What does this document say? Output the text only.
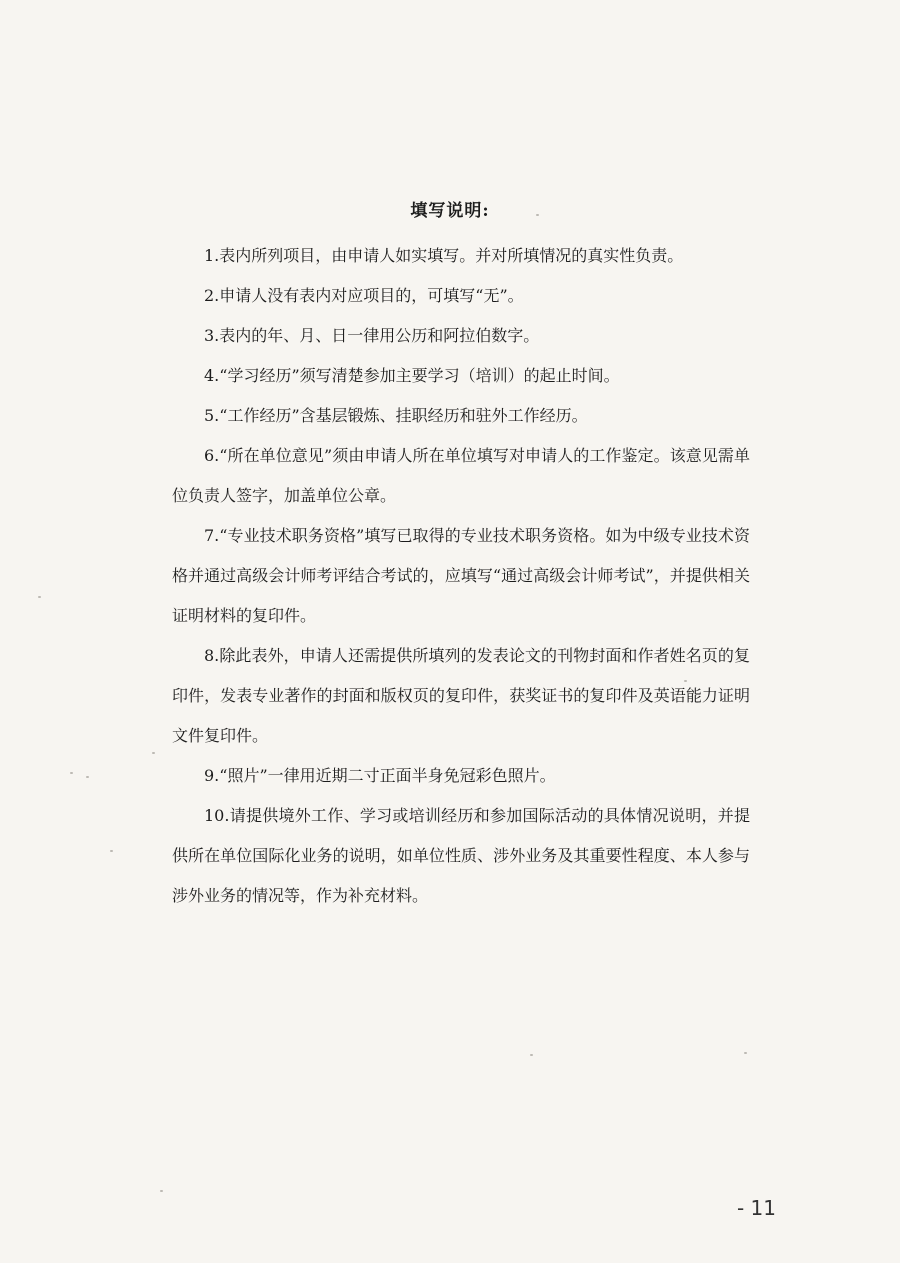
填写说明:

1.表内所列项目，由申请人如实填写。并对所填情况的真实性负责。

2.申请人没有表内对应项目的，可填写“无”。

3.表内的年、月、日一律用公历和阿拉伯数字。

4.“学习经历”须写清楚参加主要学习（培训）的起止时间。

5.“工作经历”含基层锻炼、挂职经历和驻外工作经历。

6.“所在单位意见”须由申请人所在单位填写对申请人的工作鉴定。该意见需单位负责人签字，加盖单位公章。

7.“专业技术职务资格”填写已取得的专业技术职务资格。如为中级专业技术资格并通过高级会计师考评结合考试的，应填写“通过高级会计师考试”，并提供相关证明材料的复印件。

8.除此表外，申请人还需提供所填列的发表论文的刊物封面和作者姓名页的复印件，发表专业著作的封面和版权页的复印件，获奖证书的复印件及英语能力证明文件复印件。

9.“照片”一律用近期二寸正面半身免冠彩色照片。

10.请提供境外工作、学习或培训经历和参加国际活动的具体情况说明，并提供所在单位国际化业务的说明，如单位性质、涉外业务及其重要性程度、本人参与涉外业务的情况等，作为补充材料。

- 11
